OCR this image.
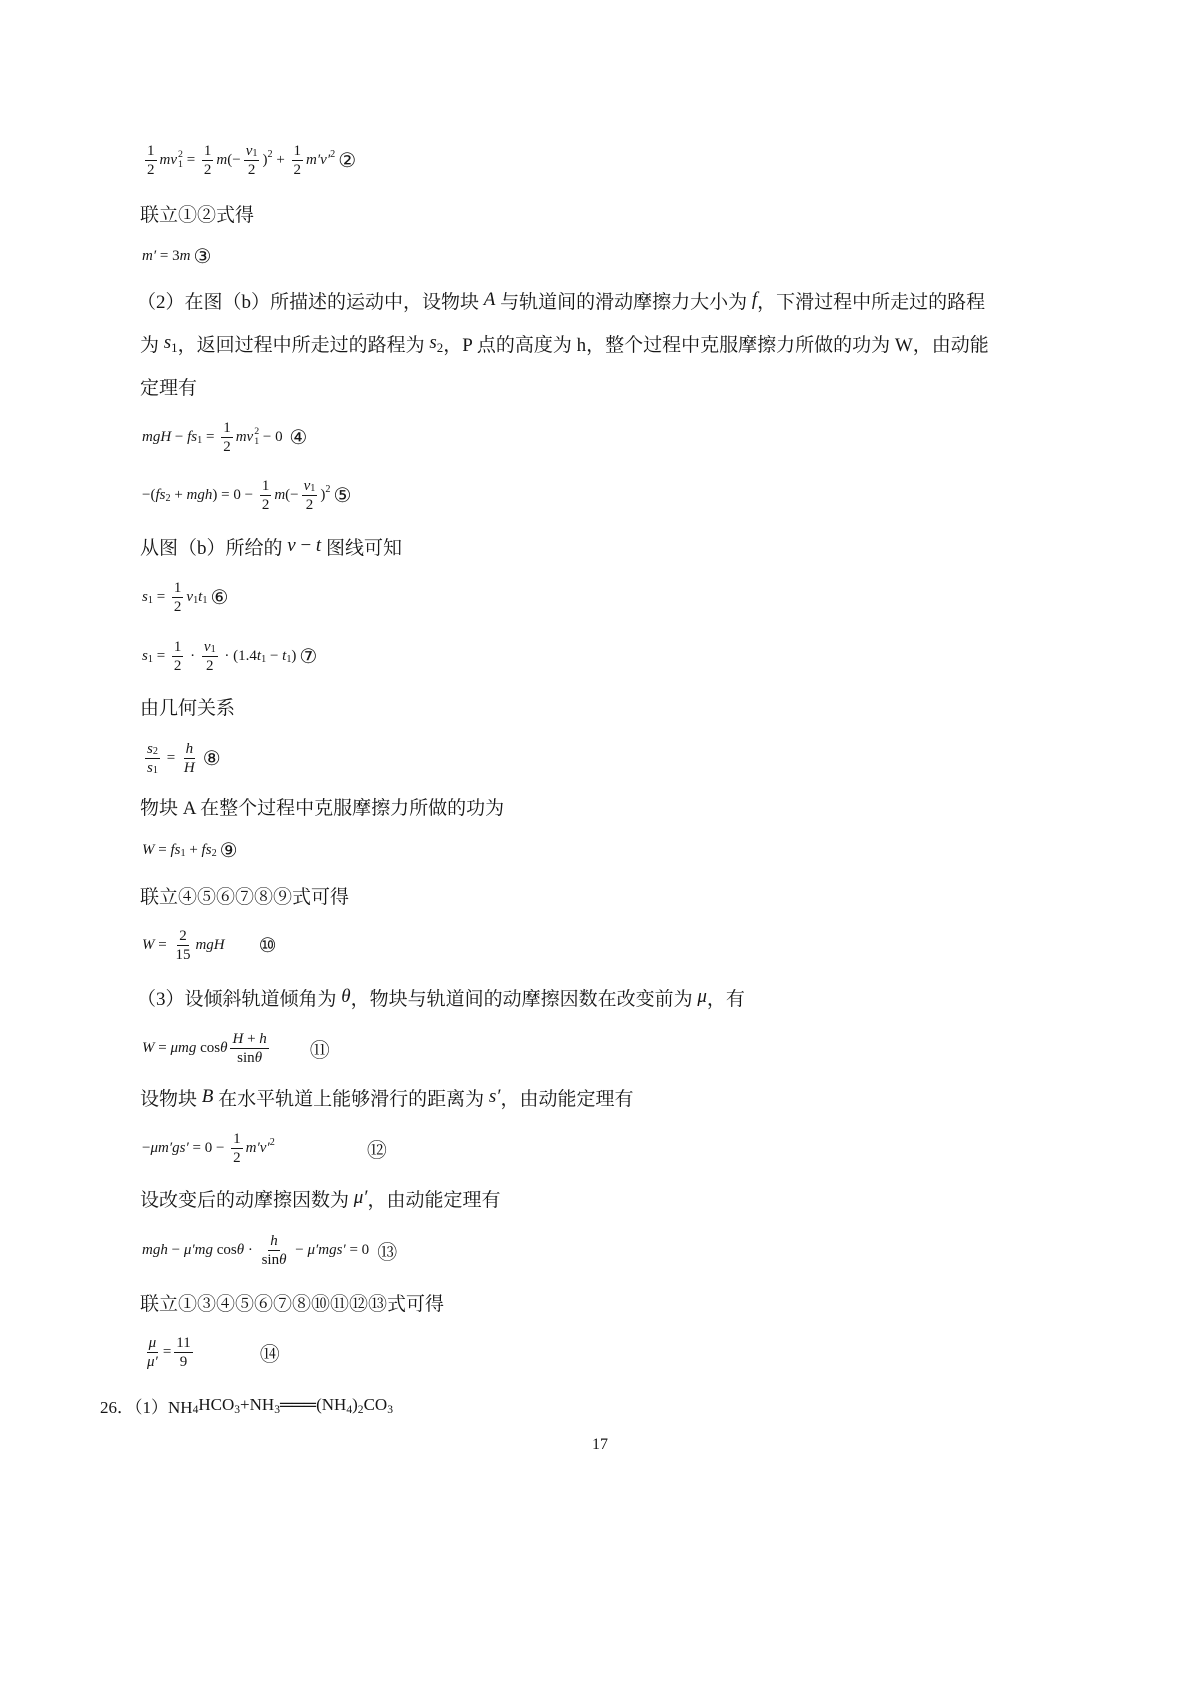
$\frac{1}{2}$ mv 2
$1 = \frac{1}{2}$ m (− $\frac{v 1}{2}$ ) $2 + \frac{1}{2} m'v'$ 2 ②
联立①②式得
m′ = 3 m ③
（2）在图（b）所描述的运动中，设物块 A 与轨道间的滑动摩擦力大小为 f ，下滑过程中所走过的路程
为 s 1 ，返回过程中所走过的路程为 s 2 ，P 点的高度为 h，整个过程中克服摩擦力所做的功为 W，由动能
定理有
mgH − fs $1 = \frac{1}{2}$ mv 2
1 − 0 ④
−( fs 2 + mgh ) = $0 - \frac{1}{2}$ m (− $\frac{v 1}{2}$ ) 2 ⑤
从图（b）所给的 v − t 图线可知
s $1 = \frac{1}{2}$ v 1 t 1 ⑥
s $1 = \frac{1}{2} \cdot \frac{v 1}{2} \cdot (1.4$ t 1 − t 1 ) ⑦
由几何关系
$\frac{s 2}{s 1} = \frac{h}{H}$ ⑧
物块 A 在整个过程中克服摩擦力所做的功为
W = fs 1 + fs 2 ⑨
联立④⑤⑥⑦⑧⑨式可得
$W = \frac{2}{15}$ mgH ⑩
（3）设倾斜轨道倾角为 θ ，物块与轨道间的动摩擦因数在改变前为 μ ，有
W = μmg cos θ $\frac{H + h}{\text{sin θ}}$ ⑪
设物块 B 在水平轨道上能够滑行的距离为 s′ ，由动能定理有
− $\mu m'gs' = 0 - \frac{1}{2} m'v'$ 2	⑫
设改变后的动摩擦因数为 μ′ ，由动能定理有
mgh − μ′mg $\cos \theta \cdot \frac{h}{\text{sin θ}} - \mu'mgs' = 0$ ⑬
联立①③④⑤⑥⑦⑧⑩⑪⑫⑬式可得
$\frac{\mu}{\mu'} = \frac{11}{9}$	⑭
26．（1）NH 4 HCO 3 +NH 3 ═══ (NH 4 ) 2 CO 3
17
